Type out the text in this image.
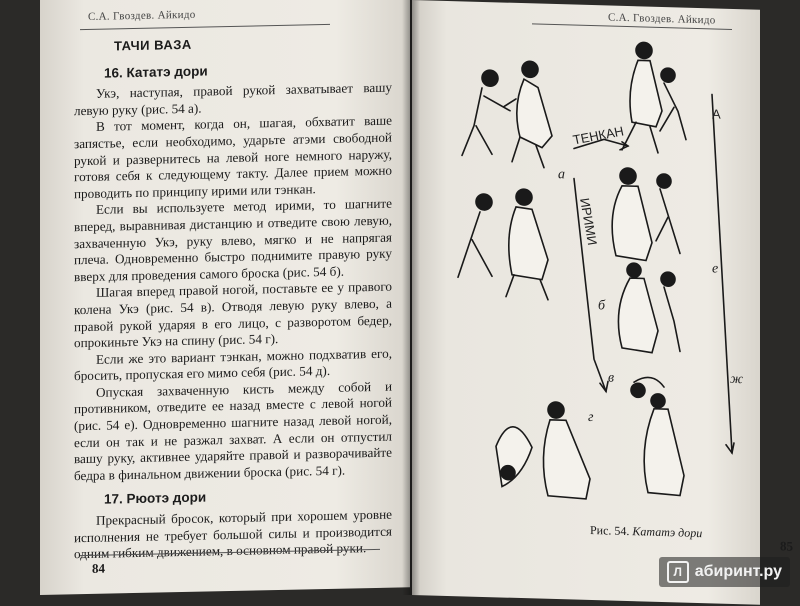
С.А. Гвоздев. Айкидо
ТАЧИ ВАЗА
16. Кататэ дори

Укэ, наступая, правой рукой захватывает вашу левую руку (рис. 54 а).

В тот момент, когда он, шагая, обхватит ваше запястье, если необходимо, ударьте атэми свободной рукой и развернитесь на левой ноге немного наружу, готовя себя к следующему такту. Далее прием можно проводить по принципу ирими или тэнкан.

Если вы используете метод ирими, то шагните вперед, выравнивая дистанцию и отведите свою левую, захваченную Укэ, руку влево, мягко и не напрягая плеча. Одновременно быстро поднимите правую руку вверх для проведения самого броска (рис. 54 б).

Шагая вперед правой ногой, поставьте ее у правого колена Укэ (рис. 54 в). Отводя левую руку влево, а правой рукой ударяя в его лицо, с разворотом бедер, опрокиньте Укэ на спину (рис. 54 г).

Если же это вариант тэнкан, можно подхватив его, бросить, пропуская его мимо себя (рис. 54 д).

Опуская захваченную кисть между собой и противником, отведите ее назад вместе с левой ногой (рис. 54 е). Одновременно шагните назад левой ногой, если он так и не разжал захват. А если он отпустил вашу руку, активнее ударяйте правой и разворачивайте бедра в финальном движении броска (рис. 54 г).

17. Рюотэ дори

Прекрасный бросок, который при хорошем уровне исполнения не требует большой силы и производится одним гибким движением, в основном правой руки.

84
С.А. Гвоздев. Айкидо
а
б
в
г
е
ж
А
ТЕНКАН
ИРИМИ
Рис. 54. Кататэ дори
85
Л абиринт.ру
